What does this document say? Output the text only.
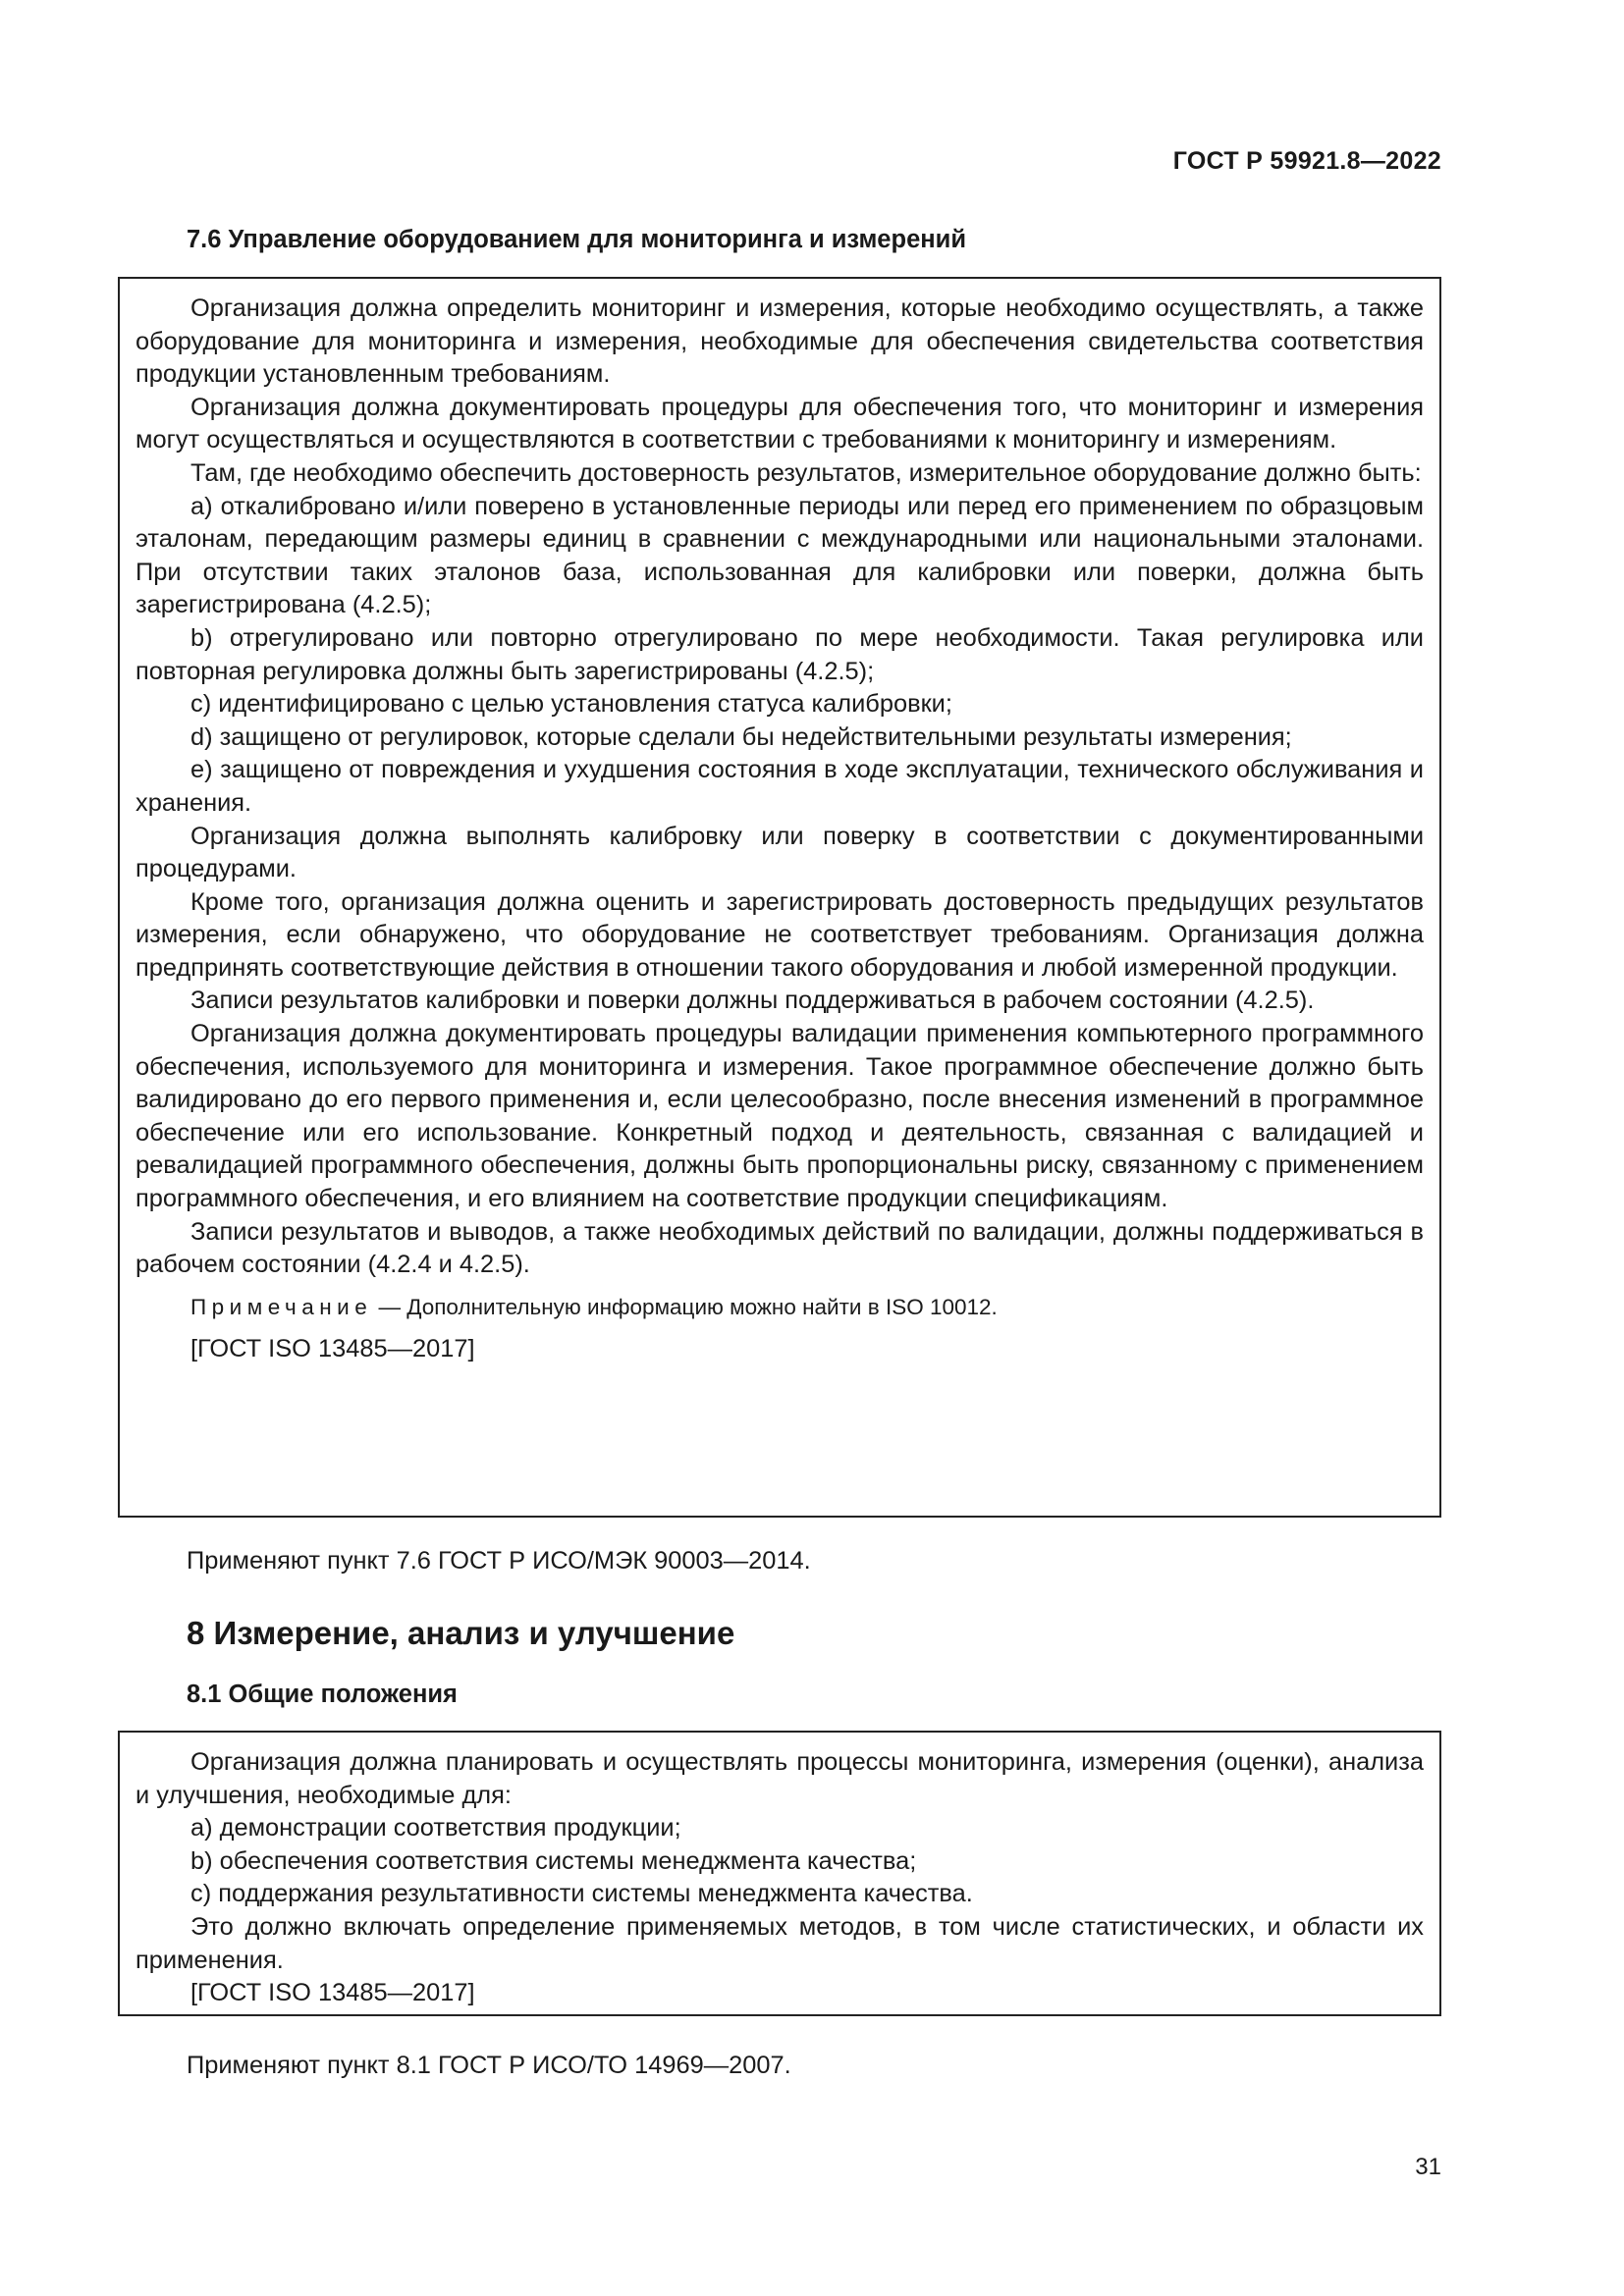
ГОСТ Р 59921.8—2022
7.6 Управление оборудованием для мониторинга и измерений

Организация должна определить мониторинг и измерения, которые необходимо осуществлять, а также оборудование для мониторинга и измерения, необходимые для обеспечения свидетельства соответствия продукции установленным требованиям.

Организация должна документировать процедуры для обеспечения того, что мониторинг и измерения могут осуществляться и осуществляются в соответствии с требованиями к мониторингу и измерениям.

Там, где необходимо обеспечить достоверность результатов, измерительное оборудование должно быть:

а) откалибровано и/или поверено в установленные периоды или перед его применением по образцовым эталонам, передающим размеры единиц в сравнении с международными или национальными эталонами. При отсутствии таких эталонов база, использованная для калибровки или поверки, должна быть зарегистрирована (4.2.5);

b) отрегулировано или повторно отрегулировано по мере необходимости. Такая регулировка или повторная регулировка должны быть зарегистрированы (4.2.5);

c) идентифицировано с целью установления статуса калибровки;

d) защищено от регулировок, которые сделали бы недействительными результаты измерения;

e) защищено от повреждения и ухудшения состояния в ходе эксплуатации, технического обслуживания и хранения.

Организация должна выполнять калибровку или поверку в соответствии с документированными процедурами.

Кроме того, организация должна оценить и зарегистрировать достоверность предыдущих результатов измерения, если обнаружено, что оборудование не соответствует требованиям. Организация должна предпринять соответствующие действия в отношении такого оборудования и любой измеренной продукции.

Записи результатов калибровки и поверки должны поддерживаться в рабочем состоянии (4.2.5).

Организация должна документировать процедуры валидации применения компьютерного программного обеспечения, используемого для мониторинга и измерения. Такое программное обеспечение должно быть валидировано до его первого применения и, если целесообразно, после внесения изменений в программное обеспечение или его использование. Конкретный подход и деятельность, связанная с валидацией и ревалидацией программного обеспечения, должны быть пропорциональны риску, связанному с применением программного обеспечения, и его влиянием на соответствие продукции спецификациям.

Записи результатов и выводов, а также необходимых действий по валидации, должны поддерживаться в рабочем состоянии (4.2.4 и 4.2.5).

Примечание — Дополнительную информацию можно найти в ISO 10012.

[ГОСТ ISO 13485—2017]

Применяют пункт 7.6 ГОСТ Р ИСО/МЭК 90003—2014.

8 Измерение, анализ и улучшение
8.1 Общие положения

Организация должна планировать и осуществлять процессы мониторинга, измерения (оценки), анализа и улучшения, необходимые для:

a) демонстрации соответствия продукции;

b) обеспечения соответствия системы менеджмента качества;

c) поддержания результативности системы менеджмента качества.

Это должно включать определение применяемых методов, в том числе статистических, и области их применения.

[ГОСТ ISO 13485—2017]

Применяют пункт 8.1 ГОСТ Р ИСО/ТО 14969—2007.

31
